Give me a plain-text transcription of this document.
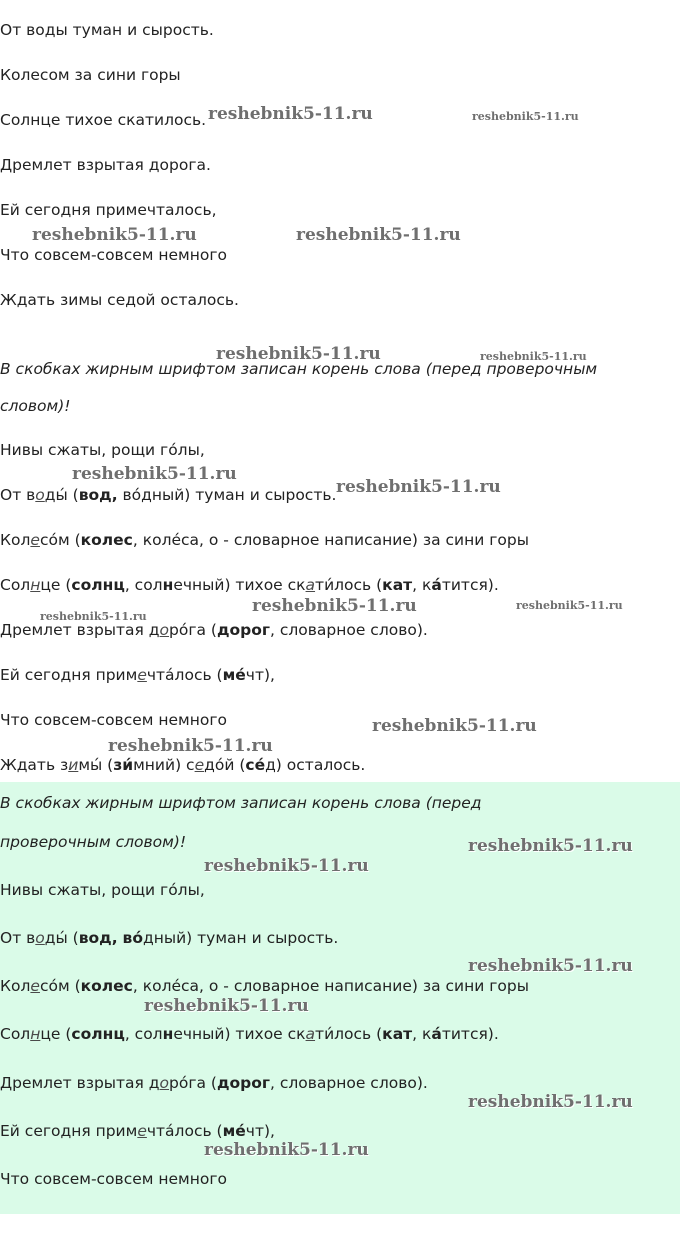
От воды туман и сырость.
Колесом за сини горы
Солнце тихое скатилось.
Дремлет взрытая дорога.
Ей сегодня примечталось,
Что совсем-совсем немного
Ждать зимы седой осталось.
В скобках жирным шрифтом записан корень слова (перед проверочным
словом)!
Нивы сжаты, рощи го́лы,
От воды́ (вод, во́дный) туман и сырость.
Колесо́м (колес, коле́са, о - словарное написание) за сини горы
Солнце (солнц, солнечный) тихое скати́лось (кат, ка́тится).
Дремлет взрытая доро́га (дорог, словарное слово).
Ей сегодня примечта́лось (ме́чт),
Что совсем-совсем немного
Ждать зимы́ (зи́мний) седо́й (се́д) осталось.
В скобках жирным шрифтом записан корень слова (перед
проверочным словом)!
Нивы сжаты, рощи го́лы,
От воды́ (вод, во́дный) туман и сырость.
Колесо́м (колес, коле́са, о - словарное написание) за сини горы
Солнце (солнц, солнечный) тихое скати́лось (кат, ка́тится).
Дремлет взрытая доро́га (дорог, словарное слово).
Ей сегодня примечта́лось (ме́чт),
Что совсем-совсем немного
reshebnik5-11.ru	reshebnik5-11.ru
reshebnik5-11.ru	reshebnik5-11.ru
reshebnik5-11.ru	reshebnik5-11.ru
reshebnik5-11.ru
reshebnik5-11.ru
reshebnik5-11.ru
reshebnik5-11.ru	reshebnik5-11.ru
reshebnik5-11.ru
reshebnik5-11.ru
reshebnik5-11.ru
reshebnik5-11.ru
reshebnik5-11.ru
reshebnik5-11.ru
reshebnik5-11.ru
reshebnik5-11.ru
